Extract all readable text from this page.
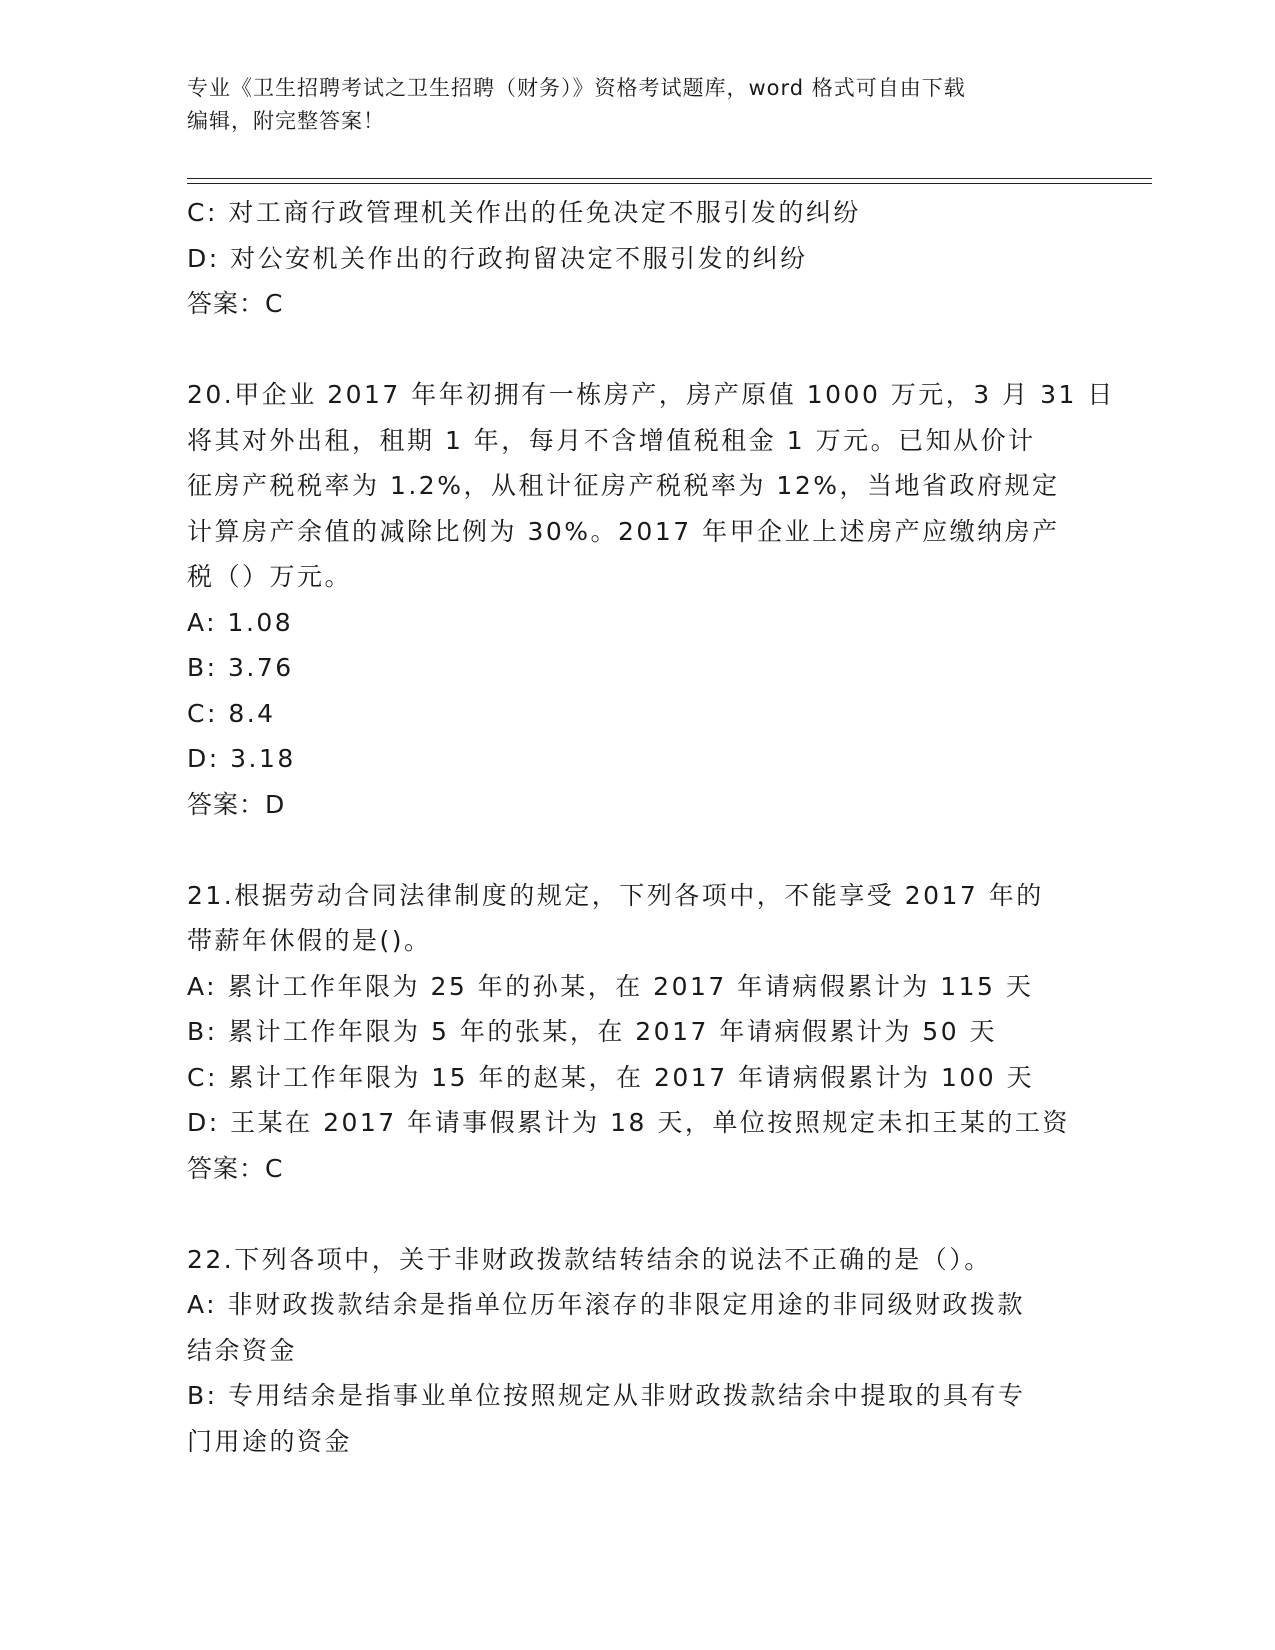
专业《卫生招聘考试之卫生招聘（财务）》资格考试题库，word 格式可自由下载
编辑，附完整答案！
C: 对工商行政管理机关作出的任免决定不服引发的纠纷
D: 对公安机关作出的行政拘留决定不服引发的纠纷
答案：C
20.甲企业 2017 年年初拥有一栋房产，房产原值 1000 万元，3 月 31 日
将其对外出租，租期 1 年，每月不含增值税租金 1 万元。已知从价计
征房产税税率为 1.2%，从租计征房产税税率为 12%，当地省政府规定
计算房产余值的减除比例为 30%。2017 年甲企业上述房产应缴纳房产
税（）万元。
A: 1.08
B: 3.76
C: 8.4
D: 3.18
答案：D
21.根据劳动合同法律制度的规定，下列各项中，不能享受 2017 年的
带薪年休假的是()。
A: 累计工作年限为 25 年的孙某，在 2017 年请病假累计为 115 天
B: 累计工作年限为 5 年的张某，在 2017 年请病假累计为 50 天
C: 累计工作年限为 15 年的赵某，在 2017 年请病假累计为 100 天
D: 王某在 2017 年请事假累计为 18 天，单位按照规定未扣王某的工资
答案：C
22.下列各项中，关于非财政拨款结转结余的说法不正确的是（）。
A: 非财政拨款结余是指单位历年滚存的非限定用途的非同级财政拨款
结余资金
B: 专用结余是指事业单位按照规定从非财政拨款结余中提取的具有专
门用途的资金
